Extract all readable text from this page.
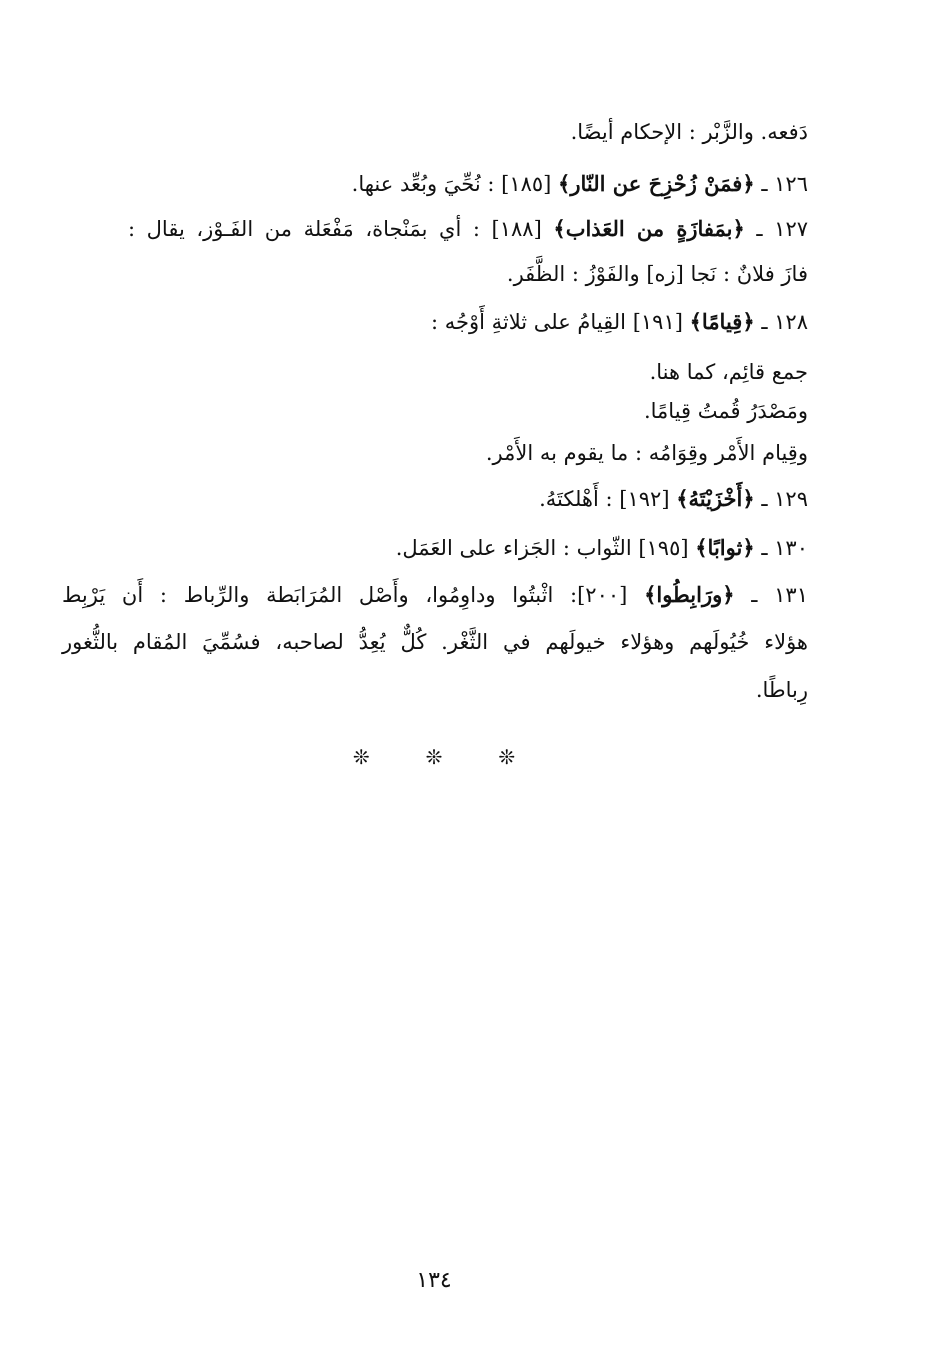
دَفعه. والزَّبْر : الإحكام أيضًا.
١٢٦ ـ ﴿فمَنْ زُحْزِحَ عن النّار﴾ [١٨٥] : نُحِّيَ وبُعِّد عنها.
١٢٧ ـ ﴿بمَفازَةٍ من العَذاب﴾ [١٨٨] : أي بمَنْجاة، مَفْعَلة من الفَـوْز، يقال :
فازَ فلانٌ : نَجا [زه] والفَوْزُ : الظَّفَر.
١٢٨ ـ ﴿قِيامًا﴾ [١٩١] القِيامُ على ثلاثةِ أَوْجُه :
جمع قائِم، كما هنا.
ومَصْدَرُ قُمتُ قِيامًا.
وقِيام الأَمْر وقِوَامُه : ما يقوم به الأَمْر.
١٢٩ ـ ﴿أَخْزَيْتَهُ﴾ [١٩٢] : أَهْلكتَهُ.
١٣٠ ـ ﴿ثوابًا﴾ [١٩٥] الثّواب : الجَزاء على العَمَل.
١٣١ ـ ﴿ورَابِطُوا﴾ [٢٠٠]: اثْبتُوا وداوِمُوا، وأَصْل المُرَابَطة والرِّباط : أَن يَرْبِط
هؤلاء خُيُولَهم وهؤلاء خيولَهم في الثَّغْر. كُلٌّ يُعِدُّ لصاحبه، فسُمِّيَ المُقام بالثُّغور
رِباطًا.
❊	❊	❊
١٣٤
